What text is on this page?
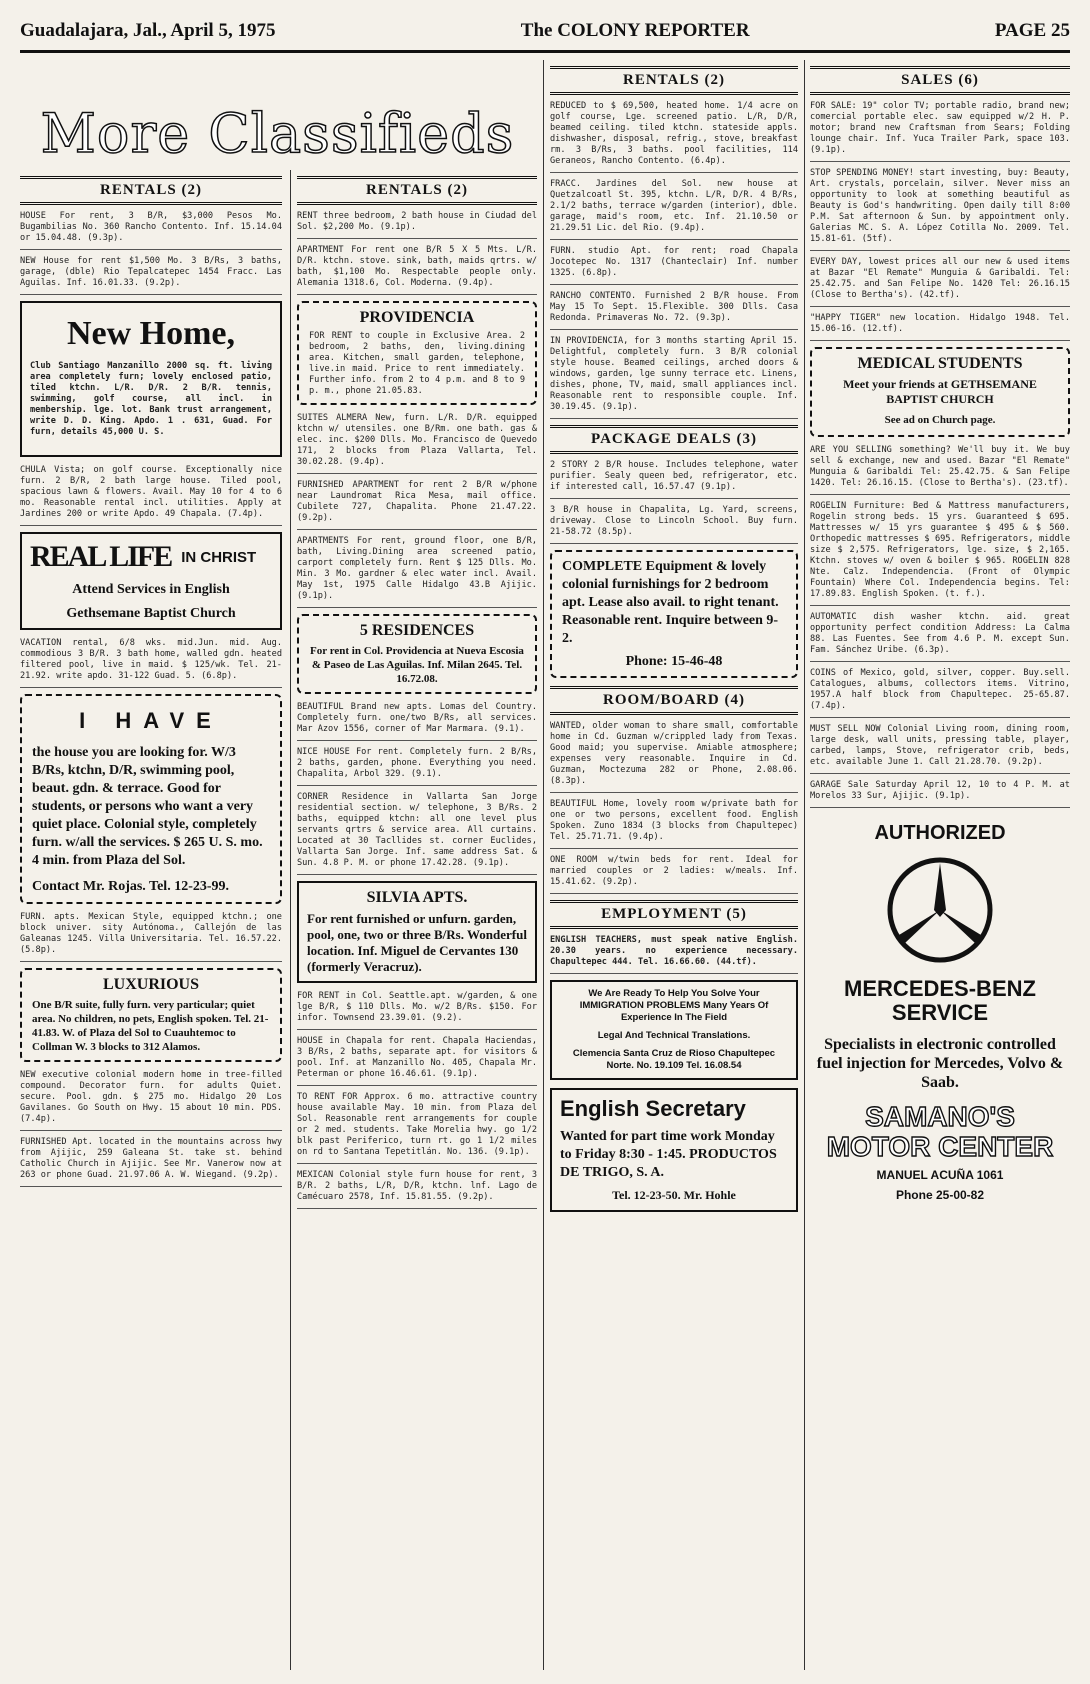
Guadalajara, Jal., April 5, 1975	The COLONY REPORTER	PAGE 25
More Classifieds
RENTALS (2)
HOUSE For rent, 3 B/R, $3,000 Pesos Mo. Bugambilias No. 360 Rancho Contento. Inf. 15.14.04 or 15.04.48. (9.3p).
NEW House for rent $1,500 Mo. 3 B/Rs, 3 baths, garage, (dble) Rio Tepalcatepec 1454 Fracc. Las Aguilas. Inf. 16.01.33. (9.2p).
New Home,
Club Santiago Manzanillo 2000 sq. ft. living area completely furn; lovely enclosed patio, tiled ktchn. L/R. D/R. 2 B/R. tennis, swimming, golf course, all incl. in membership. lge. lot. Bank trust arrangement, write D. D. King. Apdo. 1 . 631, Guad. For furn, details 45,000 U. S.
CHULA Vista; on golf course. Exceptionally nice furn. 2 B/R, 2 bath large house. Tiled pool, spacious lawn & flowers. Avail. May 10 for 4 to 6 mo. Reasonable rental incl. utilities. Apply at Jardines 200 or write Apdo. 49 Chapala. (7.4p).
REAL LIFE IN CHRIST
Attend Services in English
Gethsemane Baptist Church
VACATION rental, 6/8 wks. mid.Jun. mid. Aug. commodious 3 B/R. 3 bath home, walled gdn. heated filtered pool, live in maid. $ 125/wk. Tel. 21-21.92. write apdo. 31-122 Guad. 5. (6.8p).
I HAVE
the house you are looking for. W/3 B/Rs, ktchn, D/R, swimming pool, beaut. gdn. & terrace. Good for students, or persons who want a very quiet place. Colonial style, completely furn. w/all the services. $ 265 U. S. mo. 4 min. from Plaza del Sol.
Contact Mr. Rojas. Tel. 12-23-99.
FURN. apts. Mexican Style, equipped ktchn.; one block univer. sity Autónoma., Callejón de las Galeanas 1245. Villa Universitaria. Tel. 16.57.22. (5.8p).
LUXURIOUS
One B/R suite, fully furn. very particular; quiet area. No children, no pets, English spoken. Tel. 21-41.83. W. of Plaza del Sol to Cuauhtemoc to Collman W. 3 blocks to 312 Alamos.
NEW executive colonial modern home in tree-filled compound. Decorator furn. for adults Quiet. secure. Pool. gdn. $ 275 mo. Hidalgo 20 Los Gavilanes. Go South on Hwy. 15 about 10 min. PDS. (7.4p).
FURNISHED Apt. located in the mountains across hwy from Ajijic, 259 Galeana St. take st. behind Catholic Church in Ajijic. See Mr. Vanerow now at 263 or phone Guad. 21.97.06 A. W. Wiegand. (9.2p).
RENTALS (2)
RENT three bedroom, 2 bath house in Ciudad del Sol. $2,200 Mo. (9.1p).
APARTMENT For rent one B/R 5 X 5 Mts. L/R. D/R. ktchn. stove. sink, bath, maids qrtrs. w/ bath, $1,100 Mo. Respectable people only. Alemania 1318.6, Col. Moderna. (9.4p).
PROVIDENCIA
FOR RENT to couple in Exclusive Area. 2 bedroom, 2 baths, den, living.dining area. Kitchen, small garden, telephone, live.in maid. Price to rent immediately. Further info. from 2 to 4 p.m. and 8 to 9 p. m., phone 21.05.83.
SUITES ALMERA New, furn. L/R. D/R. equipped ktchn w/ utensiles. one B/Rm. one bath. gas & elec. inc. $200 Dlls. Mo. Francisco de Quevedo 171, 2 blocks from Plaza Vallarta, Tel. 30.02.28. (9.4p).
FURNISHED APARTMENT for rent 2 B/R w/phone near Laundromat Rica Mesa, mail office. Cubilete 727, Chapalita. Phone 21.47.22. (9.2p).
APARTMENTS For rent, ground floor, one B/R, bath, Living.Dining area screened patio, carport completely furn. Rent $ 125 Dlls. Mo. Min. 3 Mo. gardner & elec water incl. Avail. May 1st, 1975 Calle Hidalgo 43.B Ajijic. (9.1p).
5 RESIDENCES
For rent in Col. Providencia at Nueva Escosia & Paseo de Las Aguilas. Inf. Milan 2645. Tel. 16.72.08.
BEAUTIFUL Brand new apts. Lomas del Country. Completely furn. one/two B/Rs, all services. Mar Azov 1556, corner of Mar Marmara. (9.1).
NICE HOUSE For rent. Completely furn. 2 B/Rs, 2 baths, garden, phone. Everything you need. Chapalita, Arbol 329. (9.1).
CORNER Residence in Vallarta San Jorge residential section. w/ telephone, 3 B/Rs. 2 baths, equipped ktchn: all one level plus servants qrtrs & service area. All curtains. Located at 30 Tacllides st. corner Euclides, Vallarta San Jorge. Inf. same address Sat. & Sun. 4.8 P. M. or phone 17.42.28. (9.1p).
SILVIA APTS.
For rent furnished or unfurn. garden, pool, one, two or three B/Rs. Wonderful location. Inf. Miguel de Cervantes 130 (formerly Veracruz).
FOR RENT in Col. Seattle.apt. w/garden, & one lge B/R, $ 110 Dlls. Mo. w/2 B/Rs. $150. For infor. Townsend 23.39.01. (9.2).
HOUSE in Chapala for rent. Chapala Haciendas, 3 B/Rs, 2 baths, separate apt. for visitors & pool. Inf. at Manzanillo No. 405, Chapala Mr. Peterman or phone 16.46.61. (9.1p).
TO RENT FOR Approx. 6 mo. attractive country house available May. 10 min. from Plaza del Sol. Reasonable rent arrangements for couple or 2 med. students. Take Morelia hwy. go 1/2 blk past Periferico, turn rt. go 1 1/2 miles on rd to Santana Tepetitlán. No. 136. (9.1p).
MEXICAN Colonial style furn house for rent, 3 B/R. 2 baths, L/R, D/R, ktchn. lnf. Lago de Camécuaro 2578, Inf. 15.81.55. (9.2p).
RENTALS (2)
REDUCED to $ 69,500, heated home. 1/4 acre on golf course, Lge. screened patio. L/R, D/R, beamed ceiling. tiled ktchn. stateside appls. dishwasher, disposal, refrig., stove, breakfast rm. 3 B/Rs, 3 baths. pool facilities, 114 Geraneos, Rancho Contento. (6.4p).
FRACC. Jardines del Sol. new house at Quetzalcoatl St. 395, ktchn. L/R, D/R. 4 B/Rs, 2.1/2 baths, terrace w/garden (interior), dble. garage, maid's room, etc. Inf. 21.10.50 or 21.29.51 Lic. del Rio. (9.4p).
FURN. studio Apt. for rent; road Chapala Jocotepec No. 1317 (Chanteclair) Inf. number 1325. (6.8p).
RANCHO CONTENTO. Furnished 2 B/R house. From May 15 To Sept. 15.Flexible. 300 Dlls. Casa Redonda. Primaveras No. 72. (9.3p).
IN PROVIDENCIA, for 3 months starting April 15. Delightful, completely furn. 3 B/R colonial style house. Beamed ceilings, arched doors & windows, garden, lge sunny terrace etc. Linens, dishes, phone, TV, maid, small appliances incl. Reasonable rent to responsible couple. Inf. 30.19.45. (9.1p).
PACKAGE DEALS (3)
2 STORY 2 B/R house. Includes telephone, water purifier. Sealy queen bed, refrigerator, etc. if interested call, 16.57.47 (9.1p).
3 B/R house in Chapalita, Lg. Yard, screens, driveway. Close to Lincoln School. Buy furn. 21-58.72 (8.5p).
COMPLETE Equipment & lovely colonial furnishings for 2 bedroom apt. Lease also avail. to right tenant. Reasonable rent. Inquire between 9-2.
Phone: 15-46-48
ROOM/BOARD (4)
WANTED, older woman to share small, comfortable home in Cd. Guzman w/crippled lady from Texas. Good maid; you supervise. Amiable atmosphere; expenses very reasonable. Inquire in Cd. Guzman, Moctezuma 282 or Phone, 2.08.06. (8.3p).
BEAUTIFUL Home, lovely room w/private bath for one or two persons, excellent food. English Spoken. Zuno 1834 (3 blocks from Chapultepec) Tel. 25.71.71. (9.4p).
ONE ROOM w/twin beds for rent. Ideal for married couples or 2 ladies: w/meals. Inf. 15.41.62. (9.2p).
EMPLOYMENT (5)
ENGLISH TEACHERS, must speak native English. 20.30 years. no experience necessary. Chapultepec 444. Tel. 16.66.60. (44.tf).
We Are Ready To Help You Solve Your IMMIGRATION PROBLEMS Many Years Of Experience In The Field
Legal And Technical Translations.
Clemencia Santa Cruz de Rioso Chapultepec Norte. No. 19.109 Tel. 16.08.54
English Secretary
Wanted for part time work Monday to Friday 8:30 - 1:45. PRODUCTOS DE TRIGO, S. A.
Tel. 12-23-50. Mr. Hohle
SALES (6)
FOR SALE: 19" color TV; portable radio, brand new; comercial portable elec. saw equipped w/2 H. P. motor; brand new Craftsman from Sears; Folding lounge chair. Inf. Yuca Trailer Park, space 103. (9.1p).
STOP SPENDING MONEY! start investing, buy: Beauty, Art. crystals, porcelain, silver. Never miss an opportunity to look at something beautiful as Beauty is God's handwriting. Open daily till 8:00 P.M. Sat afternoon & Sun. by appointment only. Galerias MC. S. A. López Cotilla No. 2009. Tel. 15.81-61. (5tf).
EVERY DAY, lowest prices all our new & used items at Bazar "El Remate" Munguia & Garibaldi. Tel: 25.42.75. and San Felipe No. 1420 Tel: 26.16.15 (Close to Bertha's). (42.tf).
"HAPPY TIGER" new location. Hidalgo 1948. Tel. 15.06-16. (12.tf).
MEDICAL STUDENTS
Meet your friends at GETHSEMANE BAPTIST CHURCH
See ad on Church page.
ARE YOU SELLING something? We'll buy it. We buy sell & exchange, new and used. Bazar "El Remate" Munguia & Garibaldi Tel: 25.42.75. & San Felipe 1420. Tel: 26.16.15. (Close to Bertha's). (23.tf).
ROGELIN Furniture: Bed & Mattress manufacturers, Rogelin strong beds. 15 yrs. Guaranteed $ 695. Mattresses w/ 15 yrs guarantee $ 495 & $ 560. Orthopedic mattresses $ 695. Refrigerators, middle size $ 2,575. Refrigerators, lge. size, $ 2,165. Ktchn. stoves w/ oven & boiler $ 965. ROGELIN 828 Nte. Calz. Independencia. (Front of Olympic Fountain) Where Col. Independencia begins. Tel: 17.89.83. English Spoken. (t. f.).
AUTOMATIC dish washer ktchn. aid. great opportunity perfect condition Address: La Calma 88. Las Fuentes. See from 4.6 P. M. except Sun. Fam. Sánchez Uribe. (6.3p).
COINS of Mexico, gold, silver, copper. Buy.sell. Catalogues, albums, collectors items. Vitrino, 1957.A half block from Chapultepec. 25-65.87. (7.4p).
MUST SELL NOW Colonial Living room, dining room, large desk, wall units, pressing table, player, carbed, lamps, Stove, refrigerator crib, beds, etc. available June 1. Call 21.28.70. (9.2p).
GARAGE Sale Saturday April 12, 10 to 4 P. M. at Morelos 33 Sur, Ajijic. (9.1p).
AUTHORIZED
MERCEDES-BENZ SERVICE
Specialists in electronic controlled fuel injection for Mercedes, Volvo & Saab.
SAMANO'S MOTOR CENTER
MANUEL ACUÑA 1061
Phone 25-00-82
